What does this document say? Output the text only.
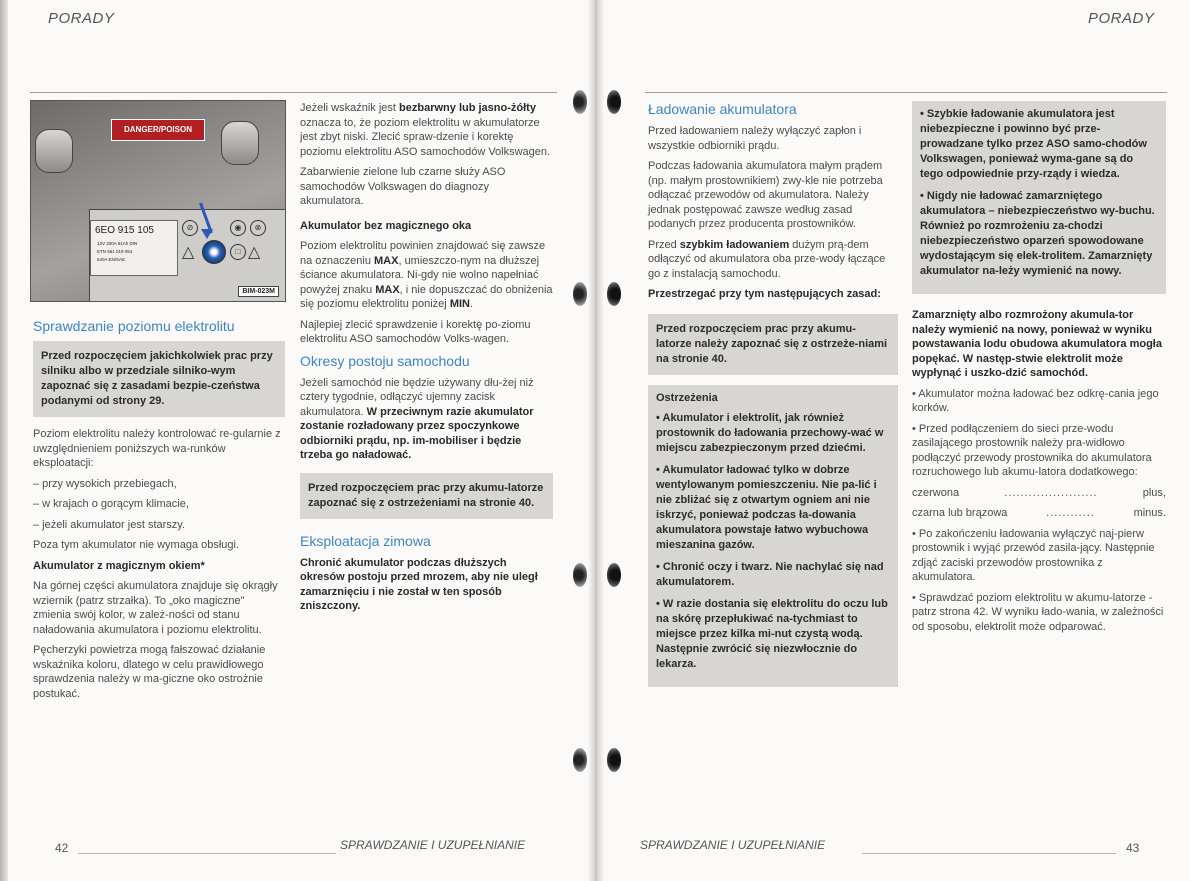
PORADY	PORADY
DANGER/POISON
6EO 915 105
12V 330A 61Ah DIN
ETN 561 019 054
540A EN/SAE
⊘
△
◉	⊗
□ △
BIM-023M
Sprawdzanie poziomu elektrolitu
Przed rozpoczęciem jakichkolwiek prac przy silniku albo w przedziale silniko-wym zapoznać się z zasadami bezpie-czeństwa podanymi od strony 29.

Poziom elektrolitu należy kontrolować re-gularnie z uwzględnieniem poniższych wa-runków eksploatacji:

– przy wysokich przebiegach,

– w krajach o gorącym klimacie,

– jeżeli akumulator jest starszy.

Poza tym akumulator nie wymaga obsługi.

Akumulator z magicznym okiem*

Na górnej części akumulatora znajduje się okrągły wziernik (patrz strzałka). To „oko magiczne" zmienia swój kolor, w zależ-ności od stanu naładowania akumulatora i poziomu elektrolitu.

Pęcherzyki powietrza mogą fałszować działanie wskaźnika koloru, dlatego w celu prawidłowego sprawdzenia należy w ma-giczne oko ostrożnie postukać.

Jeżeli wskaźnik jest bezbarwny lub jasno-żółty oznacza to, że poziom elektrolitu w akumulatorze jest zbyt niski. Zlecić spraw-dzenie i korektę poziomu elektrolitu ASO samochodów Volkswagen.

Zabarwienie zielone lub czarne służy ASO samochodów Volkswagen do diagnozy akumulatora.

Akumulator bez magicznego oka

Poziom elektrolitu powinien znajdować się zawsze na oznaczeniu MAX, umieszczo-nym na dłuższej ściance akumulatora. Ni-gdy nie wolno napełniać powyżej znaku MAX, i nie dopuszczać do obniżenia się poziomu elektrolitu poniżej MIN.

Najlepiej zlecić sprawdzenie i korektę po-ziomu elektrolitu ASO samochodów Volks-wagen.

Okresy postoju samochodu

Jeżeli samochód nie będzie używany dłu-żej niż cztery tygodnie, odłączyć ujemny zacisk akumulatora. W przeciwnym razie akumulator zostanie rozładowany przez spoczynkowe odbiorniki prądu, np. im-mobiliser i będzie trzeba go naładować.

Przed rozpoczęciem prac przy akumu-latorze zapoznać się z ostrzeżeniami na stronie 40.
Eksploatacja zimowa

Chronić akumulator podczas dłuższych okresów postoju przed mrozem, aby nie uległ zamarznięciu i nie został w ten sposób zniszczony.

Ładowanie akumulatora

Przed ładowaniem należy wyłączyć zapłon i wszystkie odbiorniki prądu.

Podczas ładowania akumulatora małym prądem (np. małym prostownikiem) zwy-kle nie potrzeba odłączać przewodów od akumulatora. Należy jednak postępować zawsze według zasad podanych przez producenta prostowników.

Przed szybkim ładowaniem dużym prą-dem odłączyć od akumulatora oba prze-wody łączące go z instalacją samochodu.

Przestrzegać przy tym następujących zasad:

Przed rozpoczęciem prac przy akumu-latorze należy zapoznać się z ostrzeże-niami na stronie 40.
Ostrzeżenia

• Akumulator i elektrolit, jak również prostownik do ładowania przechowy-wać w miejscu zabezpieczonym przed dziećmi.

• Akumulator ładować tylko w dobrze wentylowanym pomieszczeniu. Nie pa-lić i nie zbliżać się z otwartym ogniem ani nie iskrzyć, ponieważ podczas ła-dowania akumulatora powstaje łatwo wybuchowa mieszanina gazów.

• Chronić oczy i twarz. Nie nachylać się nad akumulatorem.

• W razie dostania się elektrolitu do oczu lub na skórę przepłukiwać na-tychmiast to miejsce przez kilka mi-nut czystą wodą. Następnie zwrócić się niezwłocznie do lekarza.

• Szybkie ładowanie akumulatora jest niebezpieczne i powinno być prze-prowadzane tylko przez ASO samo-chodów Volkswagen, ponieważ wyma-gane są do tego odpowiednie przy-rządy i wiedza.

• Nigdy nie ładować zamarzniętego akumulatora – niebezpieczeństwo wy-buchu. Również po rozmrożeniu za-chodzi niebezpieczeństwo oparzeń spowodowane wydostającym się elek-trolitem. Zamarznięty akumulator na-leży wymienić na nowy.

Zamarznięty albo rozmrożony akumula-tor należy wymienić na nowy, ponieważ w wyniku powstawania lodu obudowa akumulatora mogła popękać. W następ-stwie elektrolit może wypłynąć i uszko-dzić samochód.

• Akumulator można ładować bez odkrę-cania jego korków.

• Przed podłączeniem do sieci prze-wodu zasilającego prostownik należy pra-widłowo podłączyć przewody prostownika do akumulatora rozruchowego lub akumu-latora dodatkowego:

czerwona	.......................	plus,

czarna lub brązowa	............	minus.

• Po zakończeniu ładowania wyłączyć naj-pierw prostownik i wyjąć przewód zasila-jący. Następnie zdjąć zaciski przewodów prostownika z akumulatora.

• Sprawdzać poziom elektrolitu w akumu-latorze - patrz strona 42. W wyniku łado-wania, w zależności od sposobu, elektrolit może odparować.

42	SPRAWDZANIE I UZUPEŁNIANIE	SPRAWDZANIE I UZUPEŁNIANIE	43
